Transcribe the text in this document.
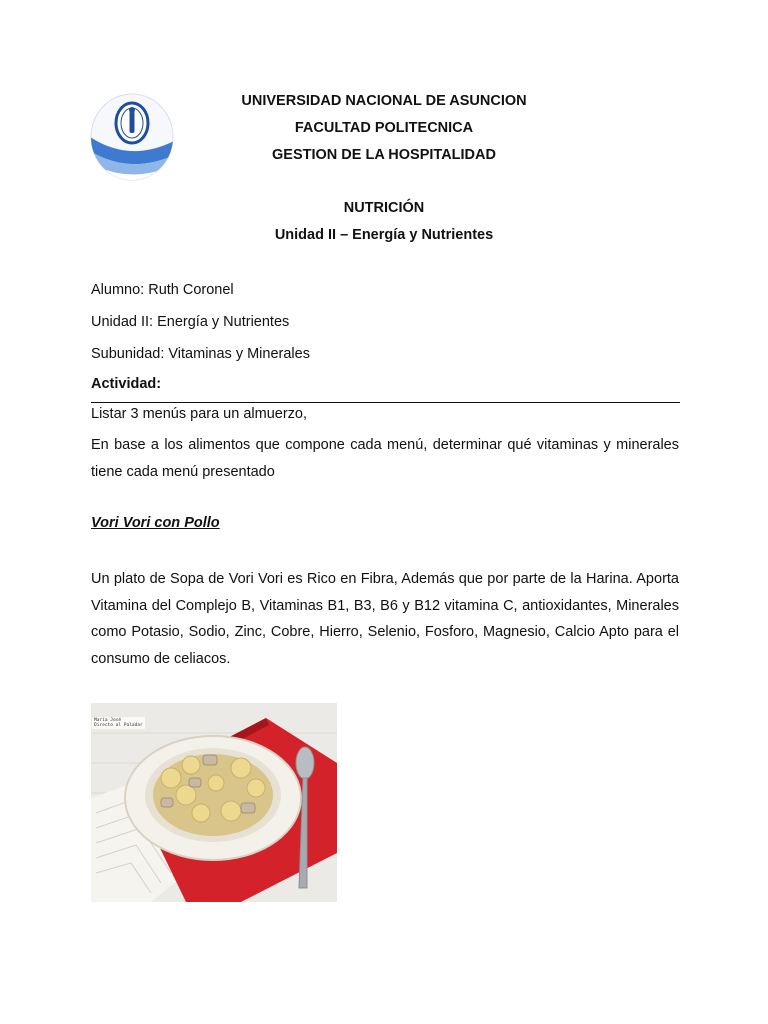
UNIVERSIDAD NACIONAL DE ASUNCION
FACULTAD POLITECNICA
GESTION DE LA HOSPITALIDAD
NUTRICIÓN
Unidad II – Energía y Nutrientes
Alumno: Ruth Coronel
Unidad II: Energía y Nutrientes
Subunidad: Vitaminas y Minerales
Actividad:
Listar 3 menús para un almuerzo,
En base a los alimentos que compone cada menú, determinar qué vitaminas y minerales tiene cada menú presentado
Vori Vori con Pollo
Un plato de Sopa de Vori Vori es Rico en Fibra, Además que por parte de la Harina. Aporta Vitamina del Complejo B, Vitaminas B1, B3, B6 y B12 vitamina C, antioxidantes, Minerales como Potasio, Sodio, Zinc, Cobre, Hierro, Selenio, Fosforo, Magnesio, Calcio Apto para el consumo de celiacos.
María José
Directo al Paladar
